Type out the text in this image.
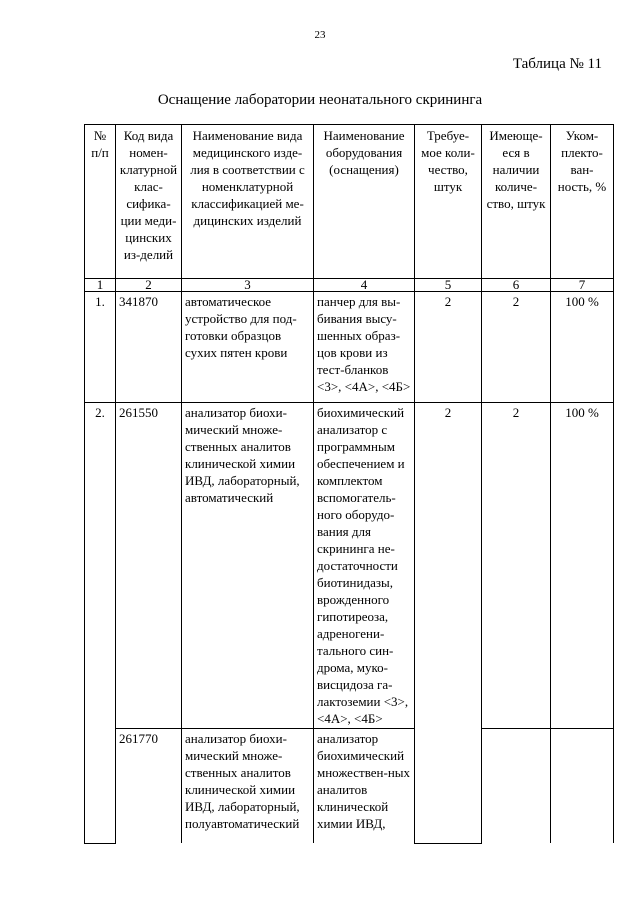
23
Таблица № 11
Оснащение лаборатории неонатального скрининга
№ п/п	Код вида номен-клатурной клас-сифика-ции меди-цинских из-делий	Наименование вида медицинского изде-лия в соответствии с номенклатурной классификацией ме-дицинских изделий	Наименование оборудования (оснащения)	Требуе-мое коли-чество, штук	Имеюще-еся в наличии количе-ство, штук	Уком-плекто-ван-ность, %
1	2	3	4	5	6	7
1.	341870	автоматическое устройство для под-готовки образцов сухих пятен крови	панчер для вы-бивания высу-шенных образ-цов крови из тест-бланков <3>, <4А>, <4Б>	2	2	100 %
2.	261550	анализатор биохи-мический множе-ственных аналитов клинической химии ИВД, лабораторный, автоматический	биохимический анализатор с программным обеспечением и комплектом вспомогатель-ного оборудо-вания для скрининга не-достаточности биотинидазы, врожденного гипотиреоза, адреногени-тального син-дрома, муко-висцидоза га-лактоземии <3>, <4А>, <4Б>	2	2	100 %
	261770	анализатор биохи-мический множе-ственных аналитов клинической химии ИВД, лабораторный, полуавтоматический	анализатор биохимический множествен-ных аналитов клинической химии ИВД,			
